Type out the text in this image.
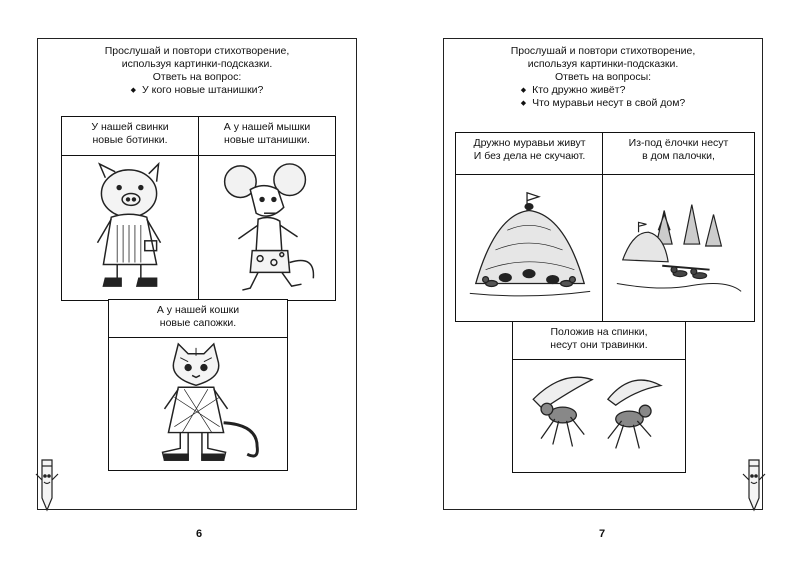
Прослушай и повтори стихотворение,
используя картинки-подсказки.
Ответь на вопрос:
◆ У кого новые штанишки?
У нашей свинки
новые ботинки.
А у нашей мышки
новые штанишки.
А у нашей кошки
новые сапожки.
Прослушай и повтори стихотворение,
используя картинки-подсказки.
Ответь на вопросы:
◆ Кто дружно живёт?
◆ Что муравьи несут в свой дом?
Дружно муравьи живут
И без дела не скучают.
Из-под ёлочки несут
в дом палочки,
Положив на спинки,
несут они травинки.
6	7
